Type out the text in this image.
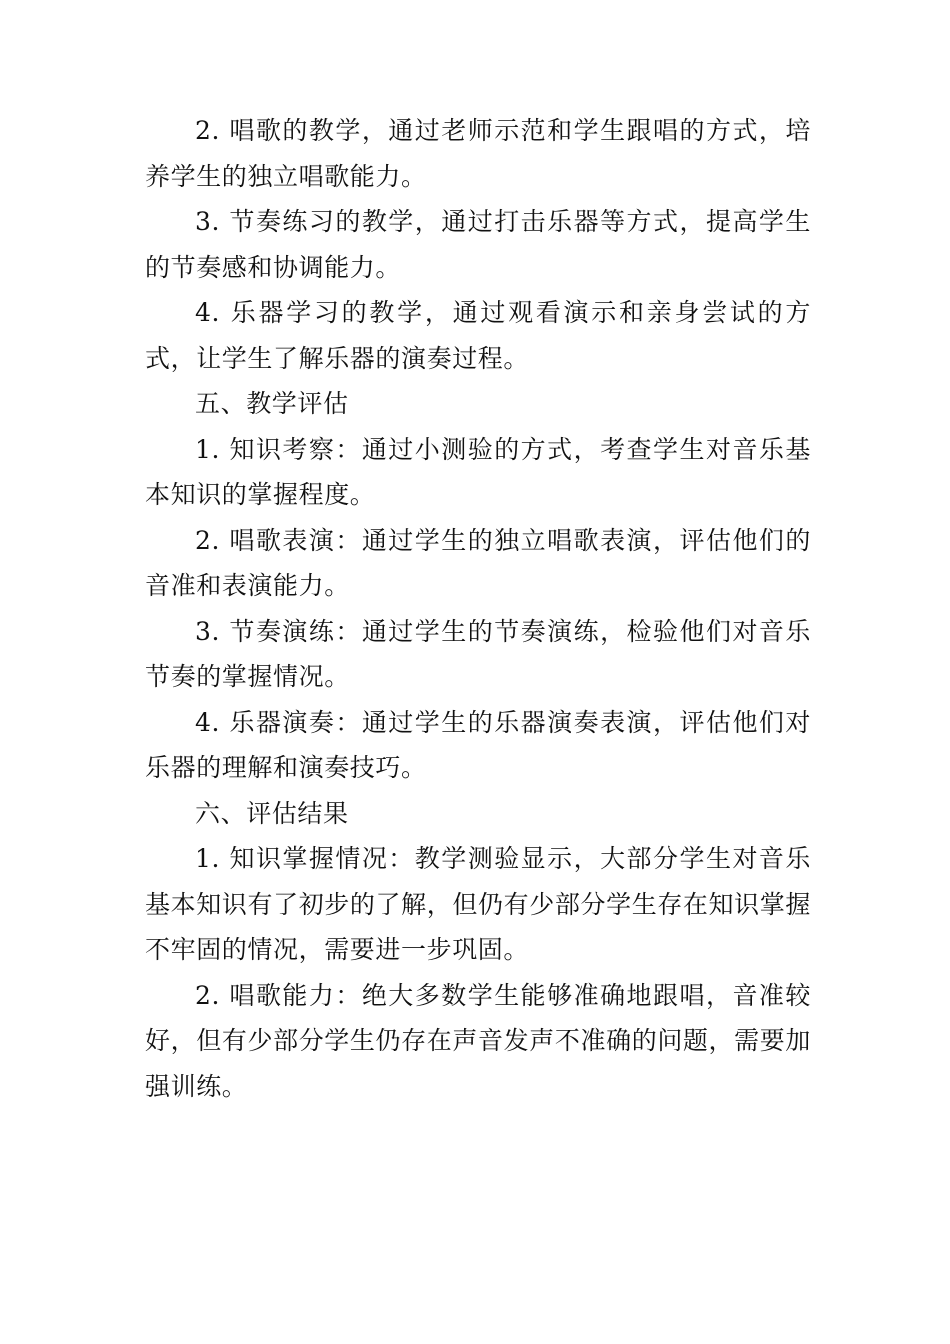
2. 唱歌的教学，通过老师示范和学生跟唱的方式，培养学生的独立唱歌能力。

3. 节奏练习的教学，通过打击乐器等方式，提高学生的节奏感和协调能力。

4. 乐器学习的教学，通过观看演示和亲身尝试的方式，让学生了解乐器的演奏过程。

五、教学评估

1. 知识考察：通过小测验的方式，考查学生对音乐基本知识的掌握程度。

2. 唱歌表演：通过学生的独立唱歌表演，评估他们的音准和表演能力。

3. 节奏演练：通过学生的节奏演练，检验他们对音乐节奏的掌握情况。

4. 乐器演奏：通过学生的乐器演奏表演，评估他们对乐器的理解和演奏技巧。

六、评估结果

1. 知识掌握情况：教学测验显示，大部分学生对音乐基本知识有了初步的了解，但仍有少部分学生存在知识掌握不牢固的情况，需要进一步巩固。

2. 唱歌能力：绝大多数学生能够准确地跟唱，音准较好，但有少部分学生仍存在声音发声不准确的问题，需要加强训练。
